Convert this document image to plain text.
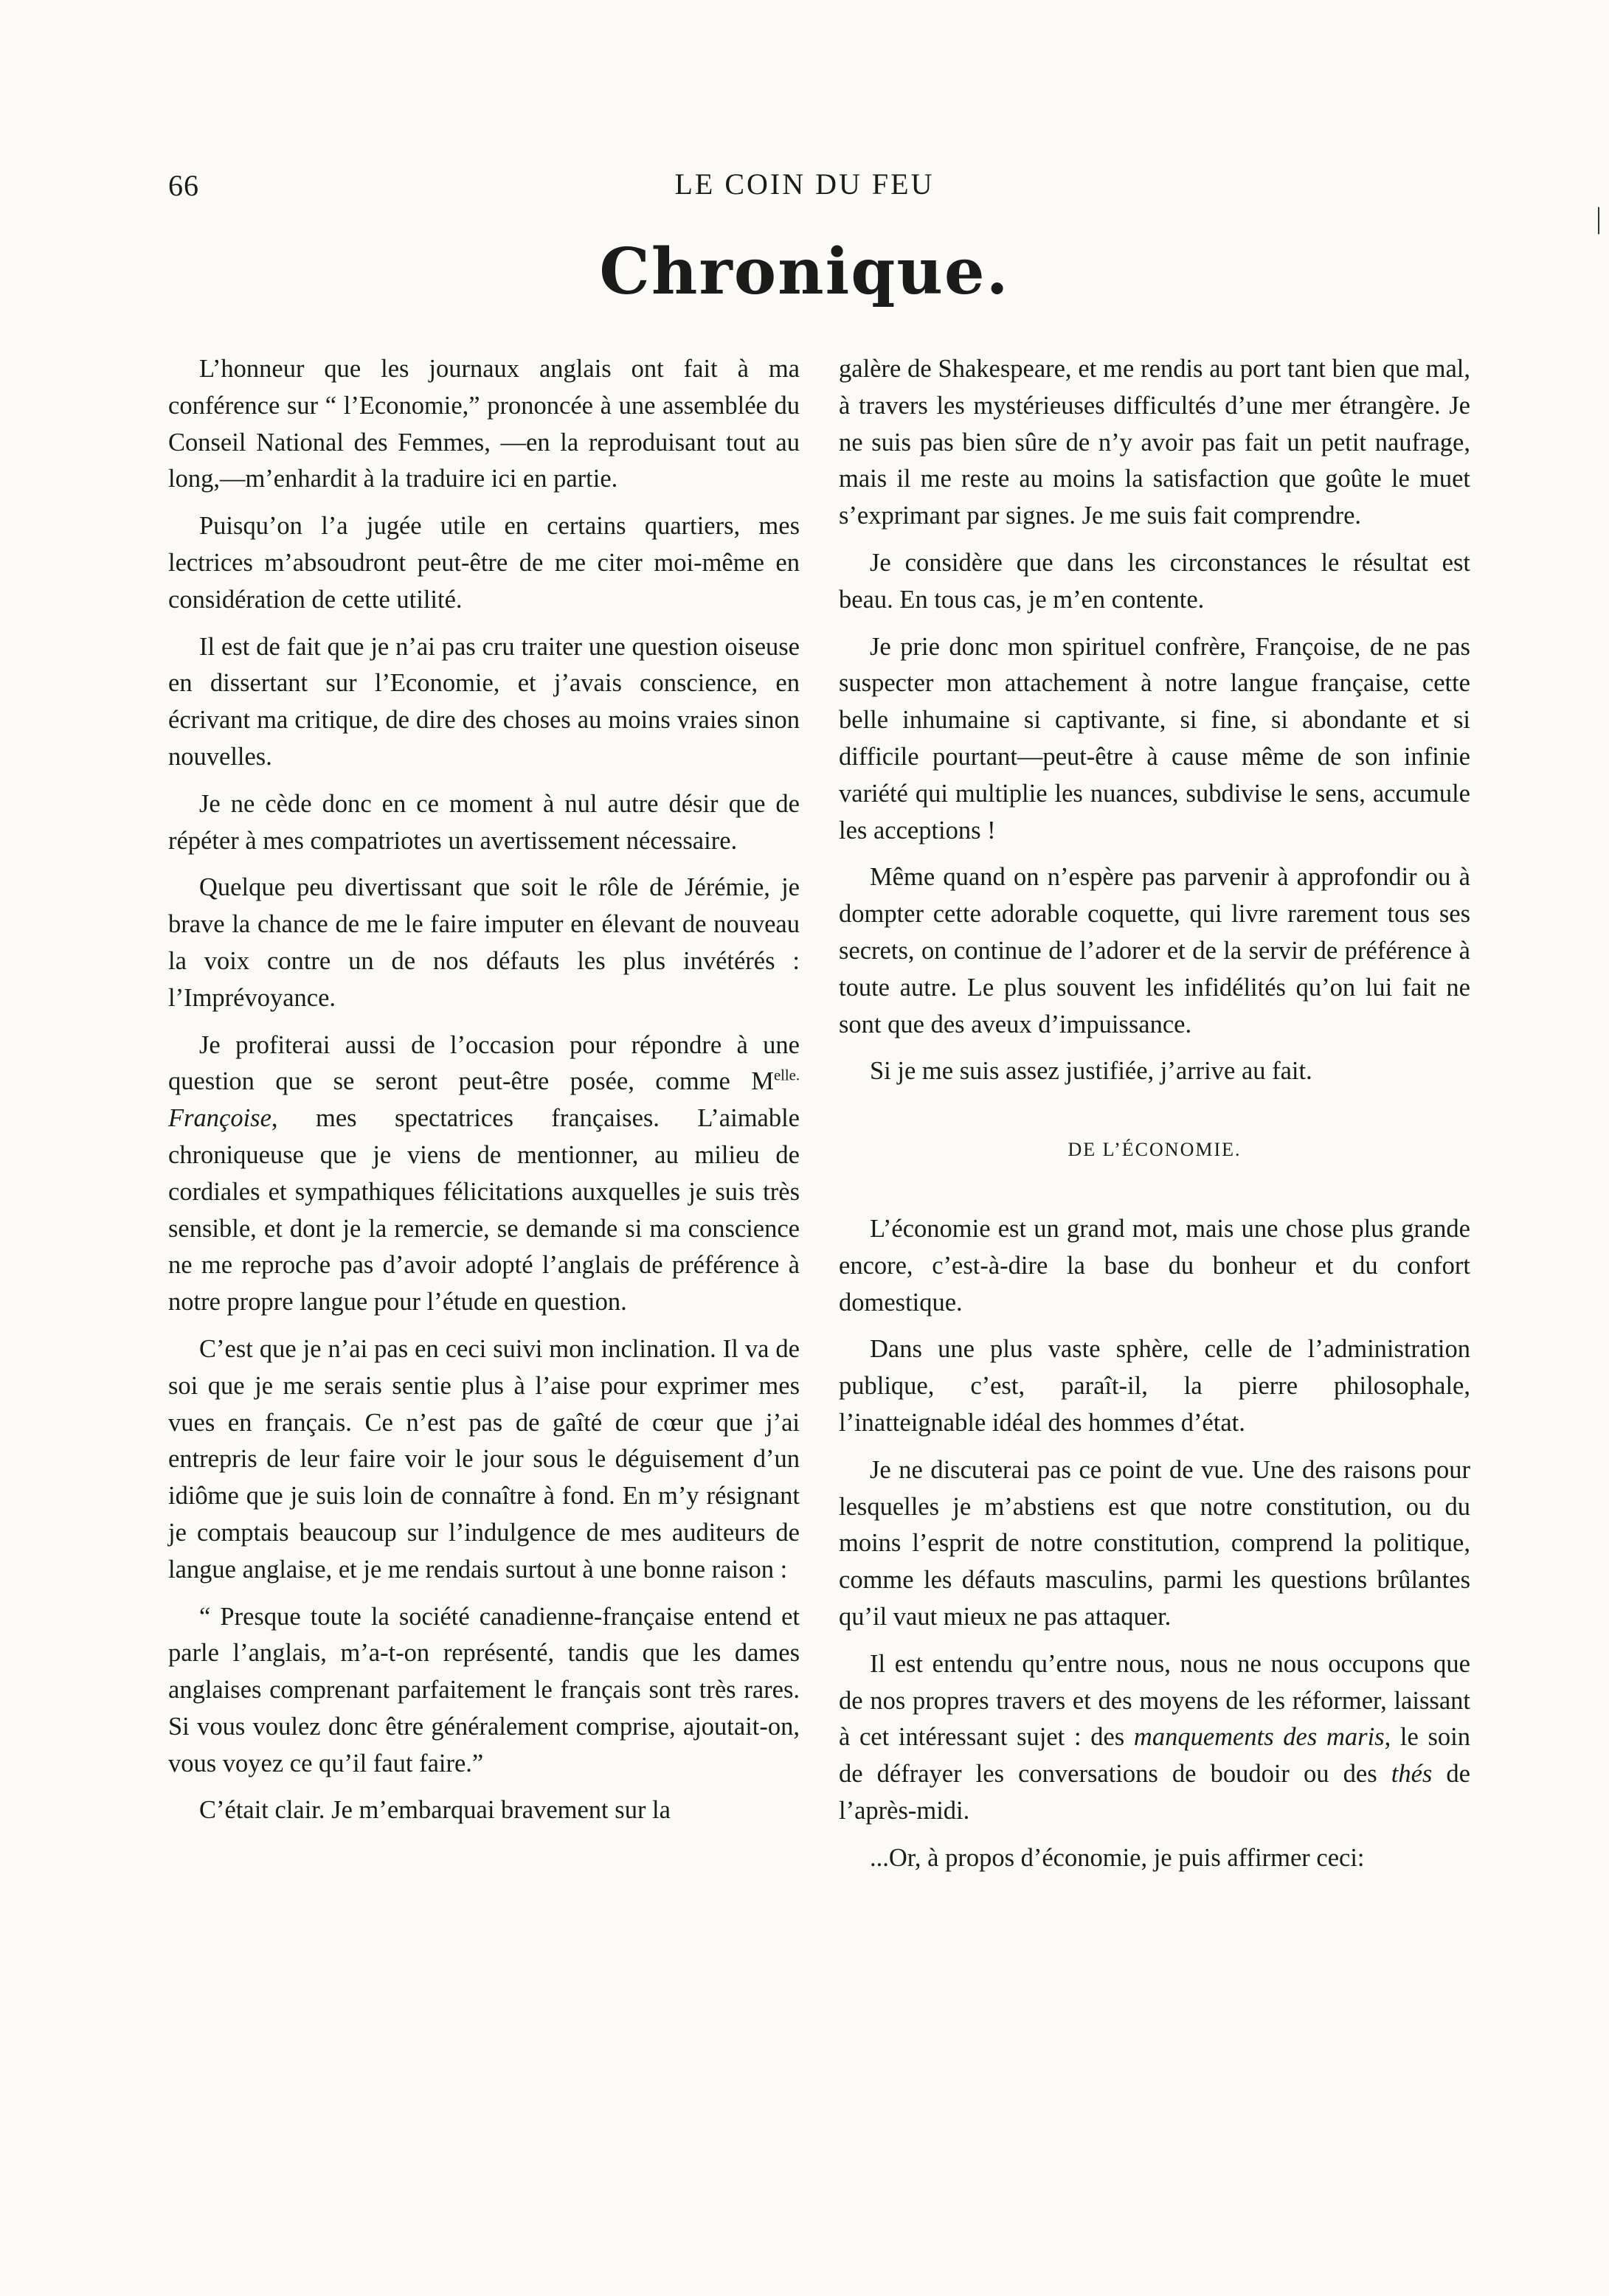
66	LE COIN DU FEU
Chronique.

L’honneur que les journaux anglais ont fait à ma conférence sur “ l’Economie,” prononcée à une assemblée du Conseil National des Femmes, —en la reproduisant tout au long,—m’enhardit à la traduire ici en partie.

Puisqu’on l’a jugée utile en certains quartiers, mes lectrices m’absoudront peut-être de me citer moi-même en considération de cette utilité.

Il est de fait que je n’ai pas cru traiter une question oiseuse en dissertant sur l’Economie, et j’avais conscience, en écrivant ma critique, de dire des choses au moins vraies sinon nouvelles.

Je ne cède donc en ce moment à nul autre désir que de répéter à mes compatriotes un avertissement nécessaire.

Quelque peu divertissant que soit le rôle de Jérémie, je brave la chance de me le faire imputer en élevant de nouveau la voix contre un de nos défauts les plus invétérés : l’Imprévoyance.

Je profiterai aussi de l’occasion pour répondre à une question que se seront peut-être posée, comme $M^{elle.}$ Françoise, mes spectatrices françaises. L’aimable chroniqueuse que je viens de mentionner, au milieu de cordiales et sympathiques félicitations auxquelles je suis très sensible, et dont je la remercie, se demande si ma conscience ne me reproche pas d’avoir adopté l’anglais de préférence à notre propre langue pour l’étude en question.

C’est que je n’ai pas en ceci suivi mon inclination. Il va de soi que je me serais sentie plus à l’aise pour exprimer mes vues en français. Ce n’est pas de gaîté de cœur que j’ai entrepris de leur faire voir le jour sous le déguisement d’un idiôme que je suis loin de connaître à fond. En m’y résignant je comptais beaucoup sur l’indulgence de mes auditeurs de langue anglaise, et je me rendais surtout à une bonne raison :

“ Presque toute la société canadienne-française entend et parle l’anglais, m’a-t-on représenté, tandis que les dames anglaises comprenant parfaitement le français sont très rares. Si vous voulez donc être généralement comprise, ajoutait-on, vous voyez ce qu’il faut faire.”

C’était clair. Je m’embarquai bravement sur la

galère de Shakespeare, et me rendis au port tant bien que mal, à travers les mystérieuses difficultés d’une mer étrangère. Je ne suis pas bien sûre de n’y avoir pas fait un petit naufrage, mais il me reste au moins la satisfaction que goûte le muet s’exprimant par signes. Je me suis fait comprendre.

Je considère que dans les circonstances le résultat est beau. En tous cas, je m’en contente.

Je prie donc mon spirituel confrère, Françoise, de ne pas suspecter mon attachement à notre langue française, cette belle inhumaine si captivante, si fine, si abondante et si difficile pourtant—peut-être à cause même de son infinie variété qui multiplie les nuances, subdivise le sens, accumule les acceptions !

Même quand on n’espère pas parvenir à approfondir ou à dompter cette adorable coquette, qui livre rarement tous ses secrets, on continue de l’adorer et de la servir de préférence à toute autre. Le plus souvent les infidélités qu’on lui fait ne sont que des aveux d’impuissance.

Si je me suis assez justifiée, j’arrive au fait.

DE L’ÉCONOMIE.

L’économie est un grand mot, mais une chose plus grande encore, c’est-à-dire la base du bonheur et du confort domestique.

Dans une plus vaste sphère, celle de l’administration publique, c’est, paraît-il, la pierre philosophale, l’inatteignable idéal des hommes d’état.

Je ne discuterai pas ce point de vue. Une des raisons pour lesquelles je m’abstiens est que notre constitution, ou du moins l’esprit de notre constitution, comprend la politique, comme les défauts masculins, parmi les questions brûlantes qu’il vaut mieux ne pas attaquer.

Il est entendu qu’entre nous, nous ne nous occupons que de nos propres travers et des moyens de les réformer, laissant à cet intéressant sujet : des manquements des maris, le soin de défrayer les conversations de boudoir ou des thés de l’après-midi.

...Or, à propos d’économie, je puis affirmer ceci:

|
